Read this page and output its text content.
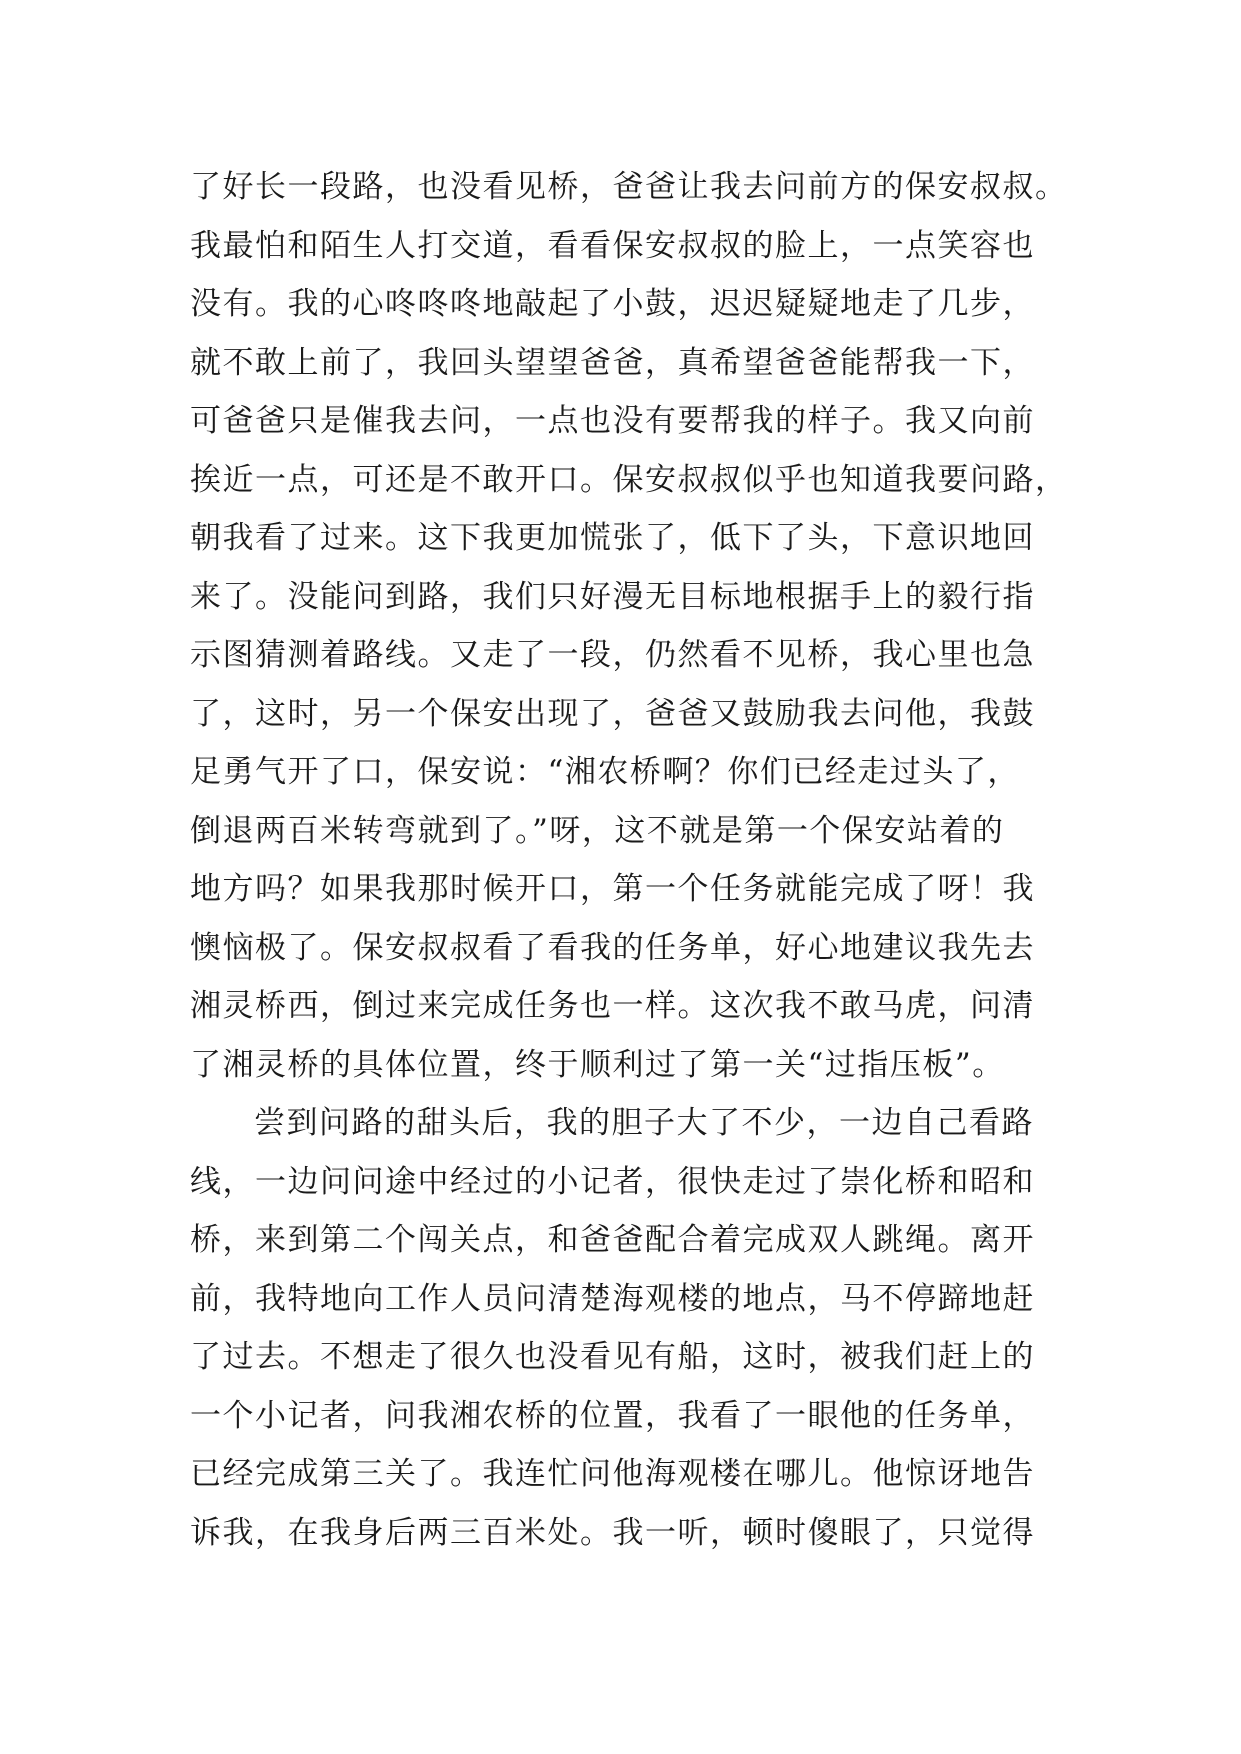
了好长一段路，也没看见桥，爸爸让我去问前方的保安叔叔。
我最怕和陌生人打交道，看看保安叔叔的脸上，一点笑容也
没有。我的心咚咚咚地敲起了小鼓，迟迟疑疑地走了几步，
就不敢上前了，我回头望望爸爸，真希望爸爸能帮我一下，
可爸爸只是催我去问，一点也没有要帮我的样子。我又向前
挨近一点，可还是不敢开口。保安叔叔似乎也知道我要问路，
朝我看了过来。这下我更加慌张了，低下了头，下意识地回
来了。没能问到路，我们只好漫无目标地根据手上的毅行指
示图猜测着路线。又走了一段，仍然看不见桥，我心里也急
了，这时，另一个保安出现了，爸爸又鼓励我去问他，我鼓
足勇气开了口，保安说：“湘农桥啊？你们已经走过头了，
倒退两百米转弯就到了。”呀，这不就是第一个保安站着的
地方吗？如果我那时候开口，第一个任务就能完成了呀！我
懊恼极了。保安叔叔看了看我的任务单，好心地建议我先去
湘灵桥西，倒过来完成任务也一样。这次我不敢马虎，问清
了湘灵桥的具体位置，终于顺利过了第一关“过指压板”。
尝到问路的甜头后，我的胆子大了不少，一边自己看路
线，一边问问途中经过的小记者，很快走过了崇化桥和昭和
桥，来到第二个闯关点，和爸爸配合着完成双人跳绳。离开
前，我特地向工作人员问清楚海观楼的地点，马不停蹄地赶
了过去。不想走了很久也没看见有船，这时，被我们赶上的
一个小记者，问我湘农桥的位置，我看了一眼他的任务单，
已经完成第三关了。我连忙问他海观楼在哪儿。他惊讶地告
诉我，在我身后两三百米处。我一听，顿时傻眼了，只觉得
